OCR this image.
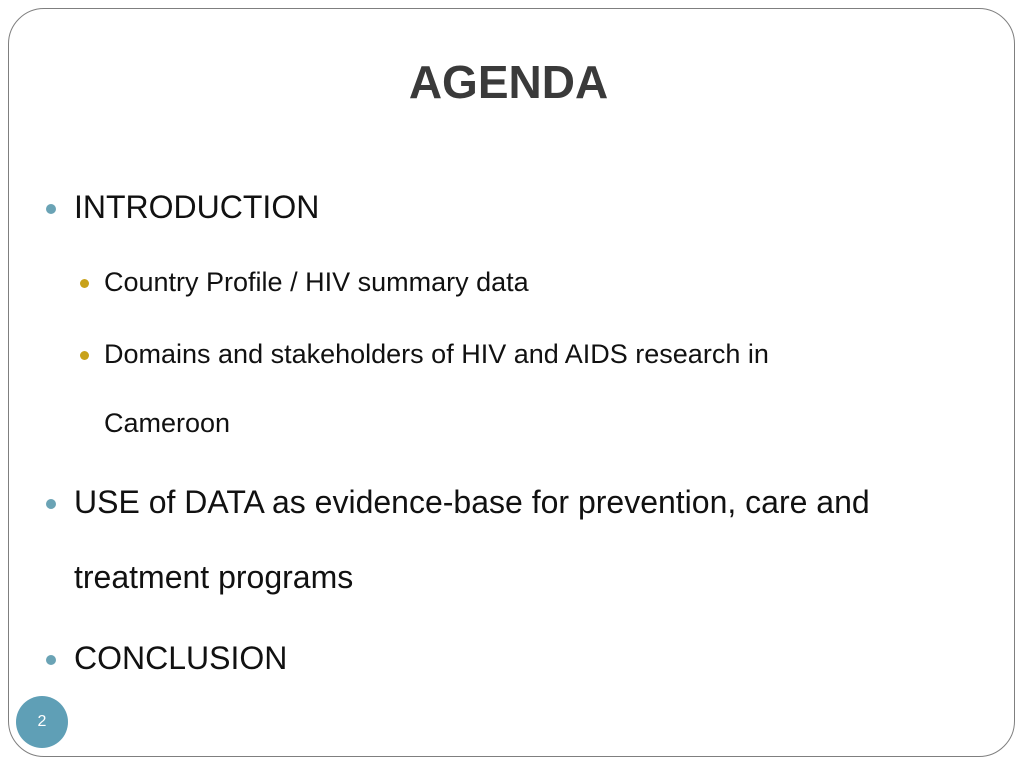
AGENDA
INTRODUCTION
Country Profile / HIV summary data
Domains and stakeholders of HIV and AIDS research in
Cameroon
USE of DATA as evidence-base for prevention, care and
treatment programs
CONCLUSION
2
